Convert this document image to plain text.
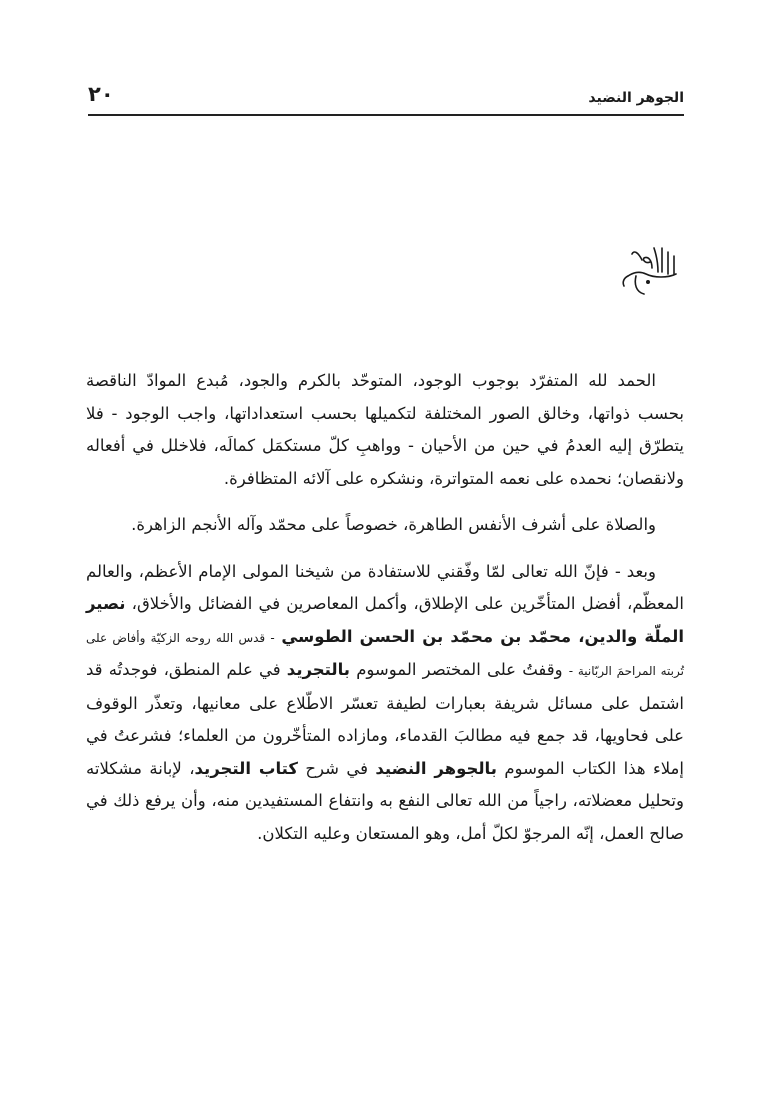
٢٠	الجوهر النضيد

الحمد لله المتفرّد بوجوب الوجود، المتوحّد بالكرم والجود، مُبدع الموادّ الناقصة بحسب ذواتها، وخالق الصور المختلفة لتكميلها بحسب استعداداتها، واجب الوجود - فلا يتطرّق إليه العدمُ في حين من الأحيان - وواهبِ كلّ مستكمَل كمالَه، فلاخلل في أفعاله ولانقصان؛ نحمده على نعمه المتواترة، ونشكره على آلائه المتظافرة.

والصلاة على أشرف الأنفس الطاهرة، خصوصاً على محمّد وآله الأنجم الزاهرة.

وبعد - فإنّ الله تعالى لمّا وفّقني للاستفادة من شيخنا المولى الإمام الأعظم، والعالم المعظّم، أفضل المتأخّرين على الإطلاق، وأكمل المعاصرين في الفضائل والأخلاق، نصير الملّة والدين، محمّد بن محمّد بن الحسن الطوسي - قدس الله روحه الزكيّة وأفاض على تُربته المراحمَ الربّانية - وقفتُ على المختصر الموسوم بالتجريد في علم المنطق، فوجدتُه قد اشتمل على مسائل شريفة بعبارات لطيفة تعسّر الاطّلاع على معانيها، وتعذّر الوقوف على فحاويها، قد جمع فيه مطالبَ القدماء، ومازاده المتأخّرون من العلماء؛ فشرعتُ في إملاء هذا الكتاب الموسوم بالجوهر النضيد في شرح كتاب التجريد، لإبانة مشكلاته وتحليل معضلاته، راجياً من الله تعالى النفع به وانتفاع المستفيدين منه، وأن يرفع ذلك في صالح العمل، إنّه المرجوّ لكلّ أمل، وهو المستعان وعليه التكلان.
